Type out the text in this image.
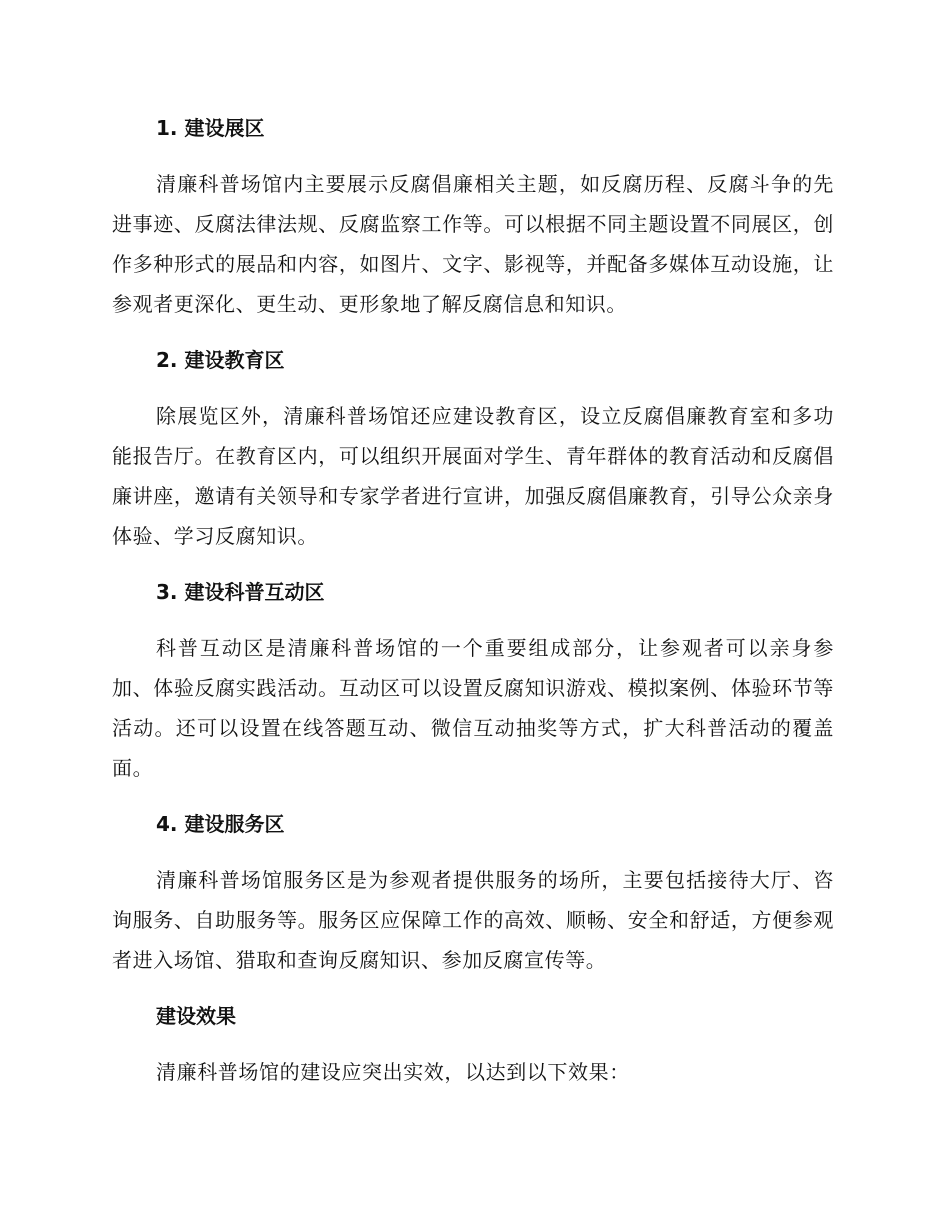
1. 建设展区

清廉科普场馆内主要展示反腐倡廉相关主题，如反腐历程、反腐斗争的先进事迹、反腐法律法规、反腐监察工作等。可以根据不同主题设置不同展区，创作多种形式的展品和内容，如图片、文字、影视等，并配备多媒体互动设施，让参观者更深化、更生动、更形象地了解反腐信息和知识。

2. 建设教育区

除展览区外，清廉科普场馆还应建设教育区，设立反腐倡廉教育室和多功能报告厅。在教育区内，可以组织开展面对学生、青年群体的教育活动和反腐倡廉讲座，邀请有关领导和专家学者进行宣讲，加强反腐倡廉教育，引导公众亲身体验、学习反腐知识。

3. 建设科普互动区

科普互动区是清廉科普场馆的一个重要组成部分，让参观者可以亲身参加、体验反腐实践活动。互动区可以设置反腐知识游戏、模拟案例、体验环节等活动。还可以设置在线答题互动、微信互动抽奖等方式，扩大科普活动的覆盖面。

4. 建设服务区

清廉科普场馆服务区是为参观者提供服务的场所，主要包括接待大厅、咨询服务、自助服务等。服务区应保障工作的高效、顺畅、安全和舒适，方便参观者进入场馆、猎取和查询反腐知识、参加反腐宣传等。

建设效果

清廉科普场馆的建设应突出实效，以达到以下效果：
